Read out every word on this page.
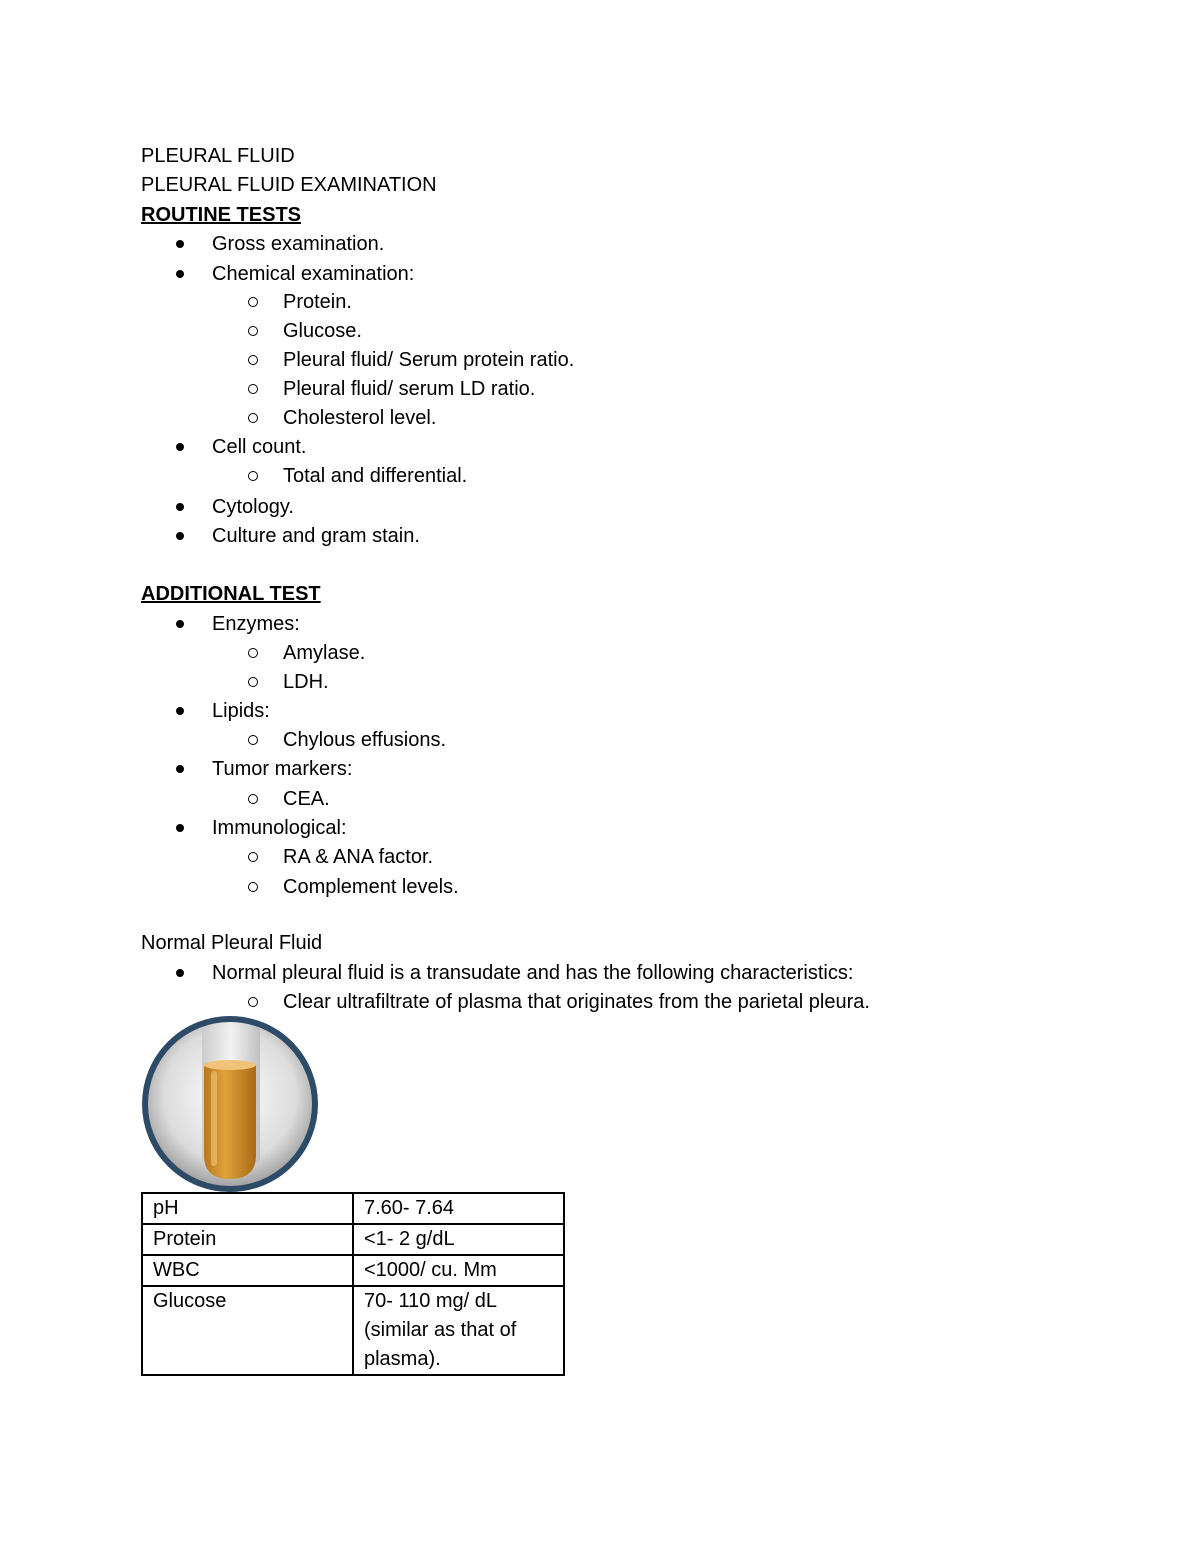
PLEURAL FLUID
PLEURAL FLUID EXAMINATION
ROUTINE TESTS
Gross examination.
Chemical examination:
Protein.
Glucose.
Pleural fluid/ Serum protein ratio.
Pleural fluid/ serum LD ratio.
Cholesterol level.
Cell count.
Total and differential.
Cytology.
Culture and gram stain.
ADDITIONAL TEST
Enzymes:
Amylase.
LDH.
Lipids:
Chylous effusions.
Tumor markers:
CEA.
Immunological:
RA & ANA factor.
Complement levels.
Normal Pleural Fluid
Normal pleural fluid is a transudate and has the following characteristics:
Clear ultrafiltrate of plasma that originates from the parietal pleura.
pH	7.60- 7.64
Protein	<1- 2 g/dL
WBC	<1000/ cu. Mm
Glucose	70- 110 mg/ dL
(similar as that of
plasma).
